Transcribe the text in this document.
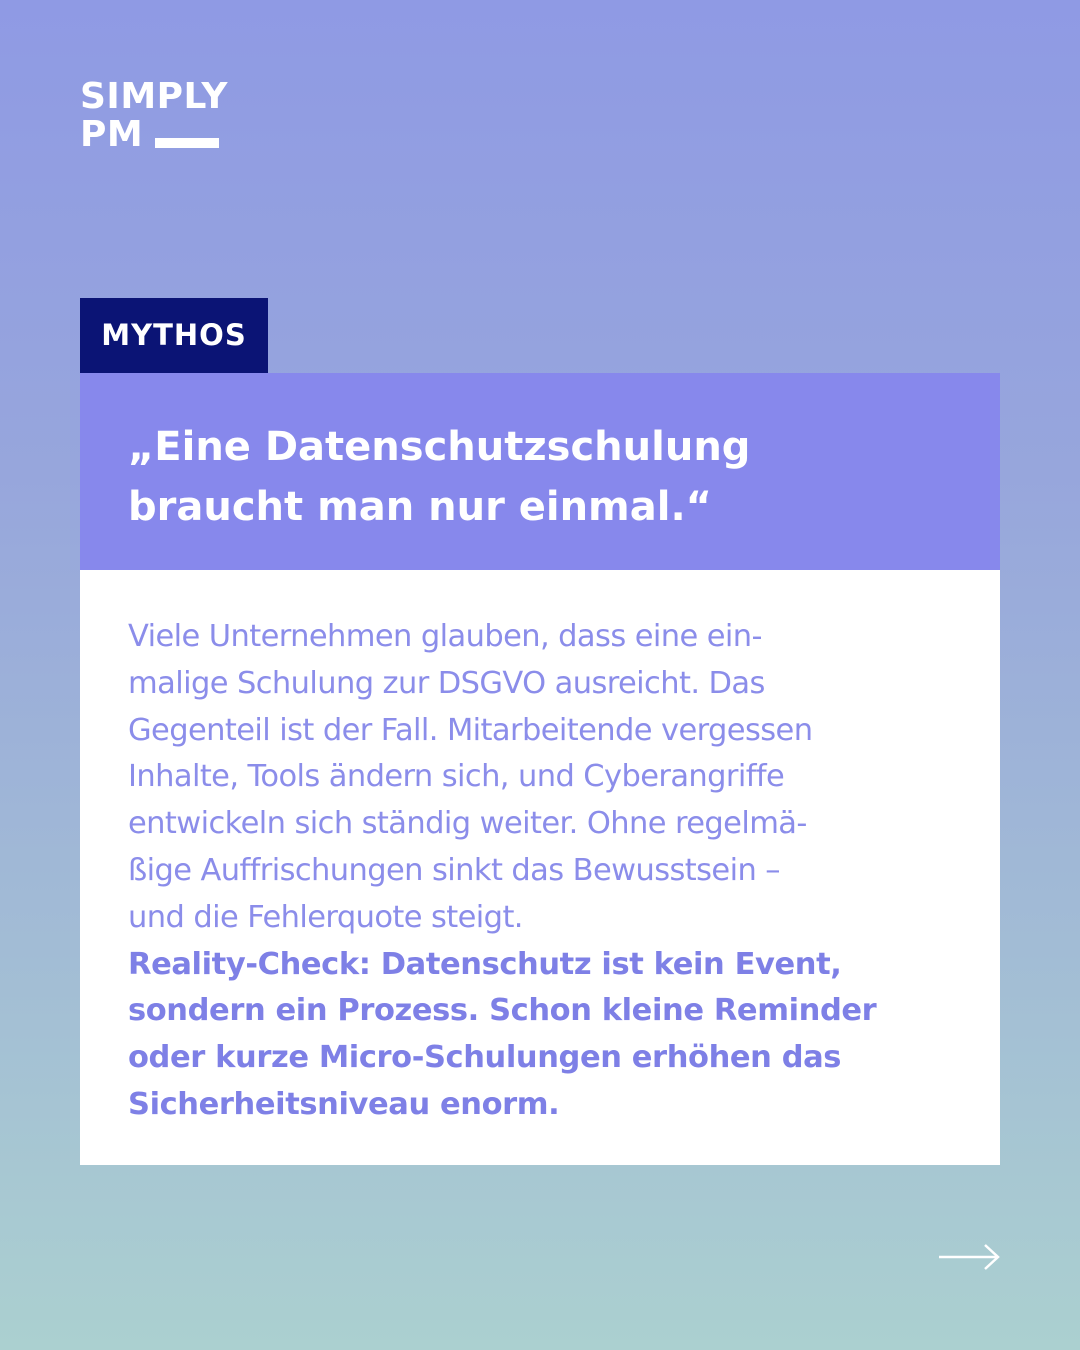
SIMPLY
PM
MYTHOS

„Eine Datenschutzschulung
braucht man nur einmal.“

Viele Unternehmen glauben, dass eine ein-
malige Schulung zur DSGVO ausreicht. Das
Gegenteil ist der Fall. Mitarbeitende vergessen
Inhalte, Tools ändern sich, und Cyberangriffe
entwickeln sich ständig weiter. Ohne regelmä-
ßige Auffrischungen sinkt das Bewusstsein –
und die Fehlerquote steigt.
Reality-Check: Datenschutz ist kein Event,
sondern ein Prozess. Schon kleine Reminder
oder kurze Micro-Schulungen erhöhen das
Sicherheitsniveau enorm.
